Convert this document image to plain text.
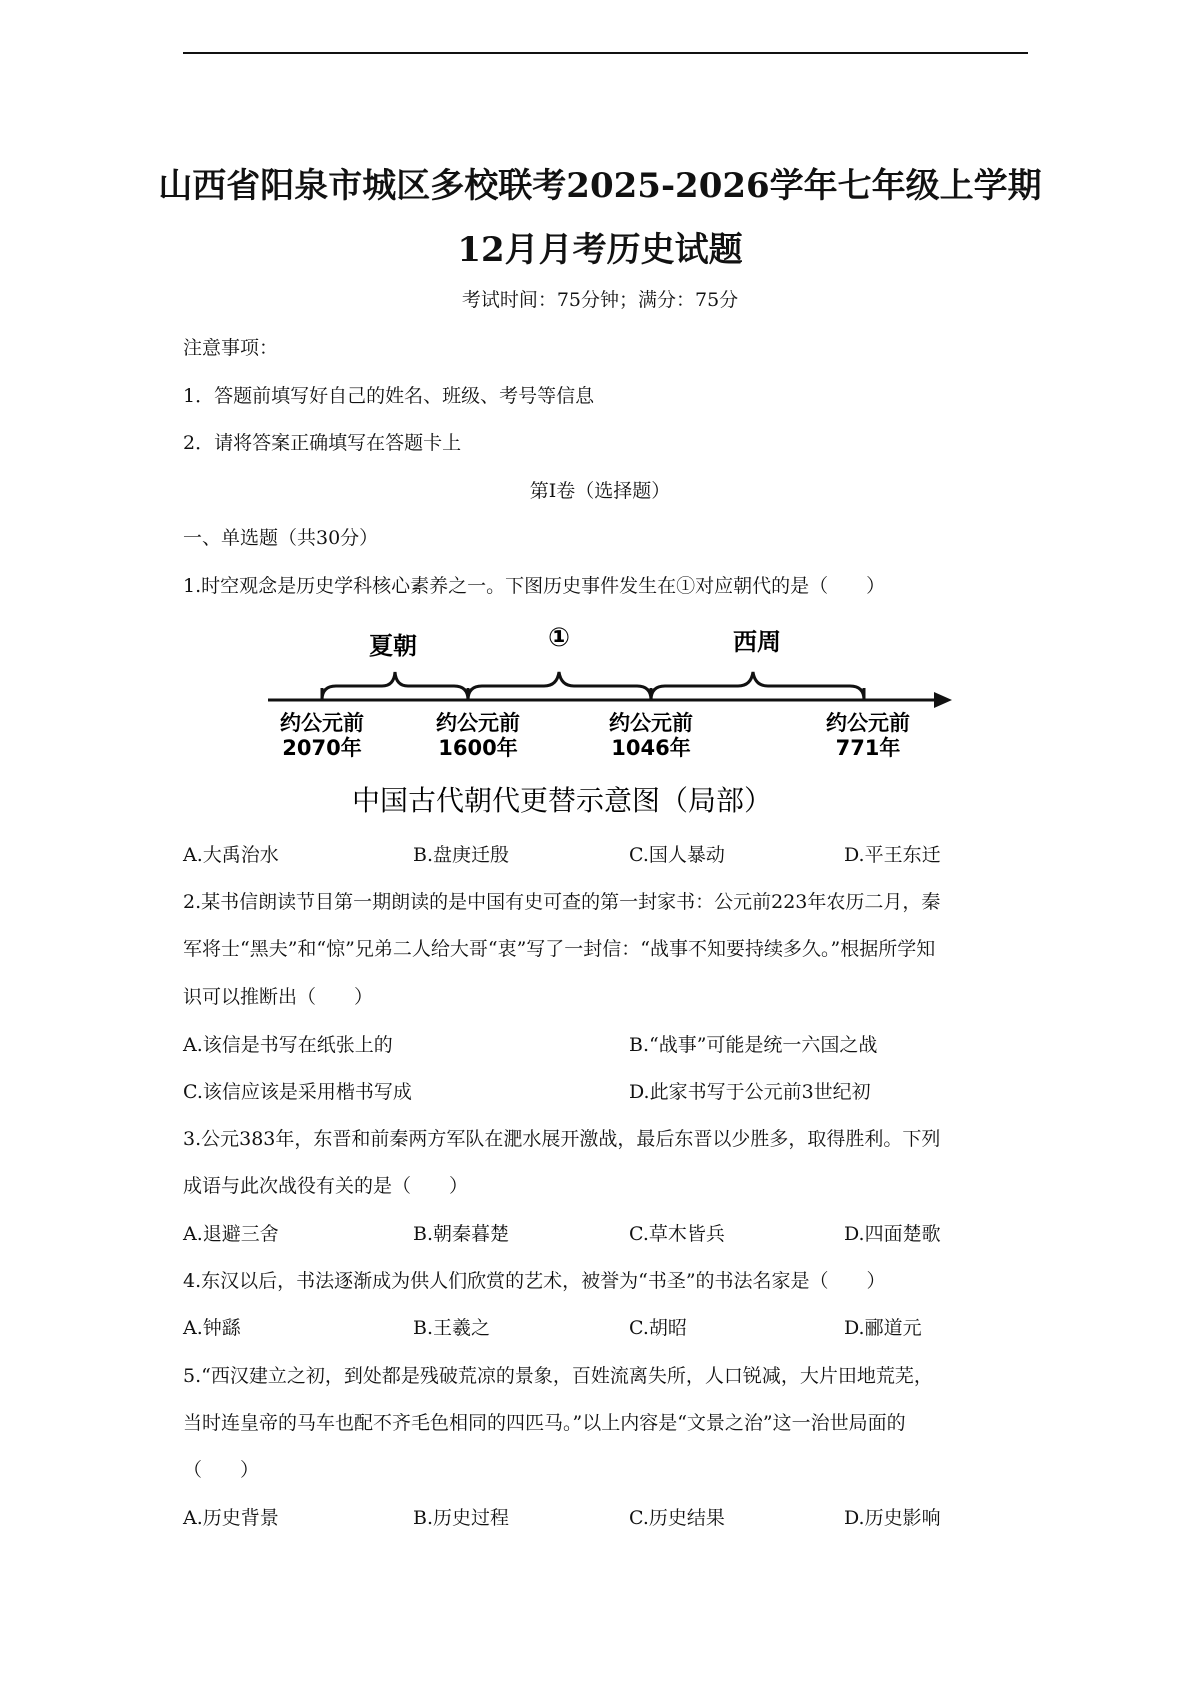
山西省阳泉市城区多校联考2025-2026学年七年级上学期
12月月考历史试题
考试时间：75分钟；满分：75分
注意事项：
1．答题前填写好自己的姓名、班级、考号等信息
2．请将答案正确填写在答题卡上
第I卷（选择题）
一、单选题（共30分）
1.时空观念是历史学科核心素养之一。下图历史事件发生在①对应朝代的是（　　）
夏朝	①	西周
约公元前
2070年
约公元前
1600年
约公元前
1046年
约公元前
771年
中国古代朝代更替示意图（局部）
A.大禹治水	B.盘庚迁殷	C.国人暴动	D.平王东迁
2.某书信朗读节目第一期朗读的是中国有史可查的第一封家书：公元前223年农历二月，秦
军将士“黑夫”和“惊”兄弟二人给大哥“衷”写了一封信：“战事不知要持续多久。”根据所学知
识可以推断出（　　）
A.该信是书写在纸张上的	B.“战事”可能是统一六国之战
C.该信应该是采用楷书写成	D.此家书写于公元前3世纪初
3.公元383年，东晋和前秦两方军队在淝水展开激战，最后东晋以少胜多，取得胜利。下列
成语与此次战役有关的是（　　）
A.退避三舍	B.朝秦暮楚	C.草木皆兵	D.四面楚歌
4.东汉以后，书法逐渐成为供人们欣赏的艺术，被誉为“书圣”的书法名家是（　　）
A.钟繇	B.王羲之	C.胡昭	D.郦道元
5.“西汉建立之初，到处都是残破荒凉的景象，百姓流离失所，人口锐减，大片田地荒芜，
当时连皇帝的马车也配不齐毛色相同的四匹马。”以上内容是“文景之治”这一治世局面的
（　　）
A.历史背景	B.历史过程	C.历史结果	D.历史影响
